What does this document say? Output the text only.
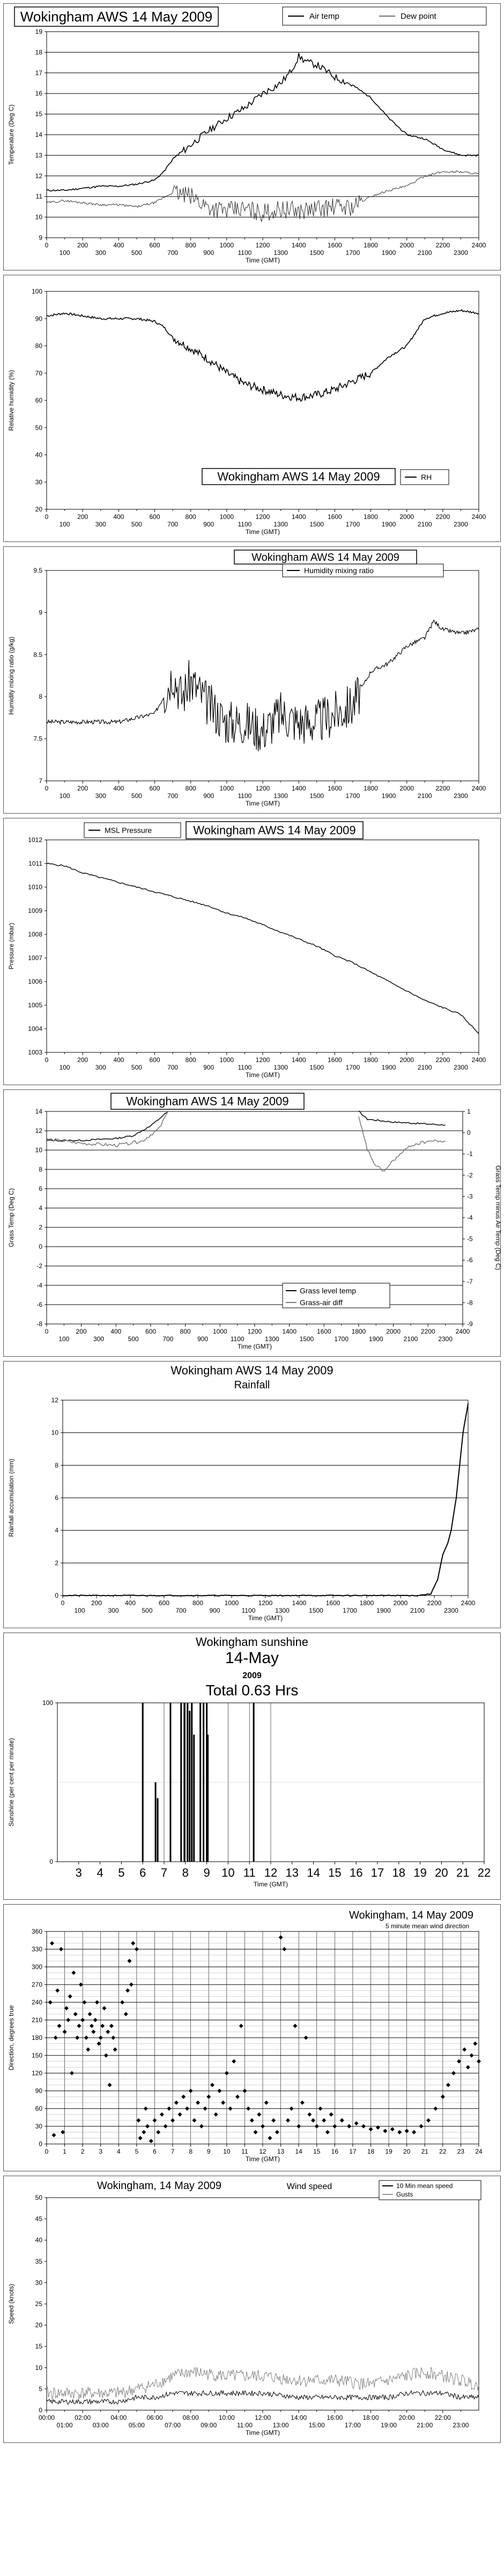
9
10
11
12
13
14
15
16
17
18
19
0	200	400	600	800	1000	1200	1400	1600	1800	2000	2200	2400
100	300	500	700	900	1100	1300	1500	1700	1900	2100	2300
Time (GMT)
Temperature (Deg C)
Wokingham AWS 14 May 2009	Air temp	Dew point
20
30
40
50
60
70
80
90
100
0	200	400	600	800	1000	1200	1400	1600	1800	2000	2200	2400
100	300	500	700	900	1100	1300	1500	1700	1900	2100	2300
Time (GMT)
Relative humidity (%)
Wokingham AWS 14 May 2009	RH
7
7.5
8
8.5
9
9.5
0	200	400	600	800	1000	1200	1400	1600	1800	2000	2200	2400
100	300	500	700	900	1100	1300	1500	1700	1900	2100	2300
Time (GMT)
Humidity mixing ratio (g/kg)
Wokingham AWS 14 May 2009
Humidity mixing ratio
1003
1004
1005
1006
1007
1008
1009
1010
1011
1012
0	200	400	600	800	1000	1200	1400	1600	1800	2000	2200	2400
100	300	500	700	900	1100	1300	1500	1700	1900	2100	2300
Time (GMT)
Pressure (mbar)
MSL Pressure	Wokingham AWS 14 May 2009
-8
-6
-4
-2
0
2
4
6
8
10
12
14
-9
-8
-7
-6
-5
-4
-3
-2
-1
0
1
Grass Temp minus Air Temp (Deg C)
0	200	400	600	800	1000	1200	1400	1600	1800	2000	2200	2400
100	300	500	700	900	1100	1300	1500	1700	1900	2100	2300
Time (GMT)
Grass Temp (Deg C)
Wokingham AWS 14 May 2009
Grass level temp
Grass-air diff
0
2
4
6
8
10
12
0	200	400	600	800	1000	1200	1400	1600	1800	2000	2200	2400
100	300	500	700	900	1100	1300	1500	1700	1900	2100	2300
Time (GMT)
Rainfall accumulation (mm)
Wokingham AWS 14 May 2009
Rainfall
0
100
3 4 5 6 7 8 9 10 11 12 13 14 15 16 17 18 19 20 21 22
Time (GMT)
Sunshine (per cent per minute)
Wokingham sunshine
14-May
2009
Total 0.63 Hrs
0
30
60
90
120
150
180
210
240
270
300
330
360
0 1 2 3 4 5 6 7 8 9 10 11 12 13 14 15 16 17 18 19 20 21 22 23 24
Time (GMT)
Direction, degrees true
Wokingham, 14 May 2009
5 minute mean wind direction
0
5
10
15
20
25
30
35
40
45
50
00:00	02:00	04:00	06:00	08:00	10:00	12:00	14:00	16:00	18:00	20:00	22:00
01:00	03:00	05:00	07:00	09:00	11:00	13:00	15:00	17:00	19:00	21:00	23:00
Time (GMT)
Speed (knots)
Wokingham, 14 May 2009	Wind speed	10 Min mean speed
Gusts
